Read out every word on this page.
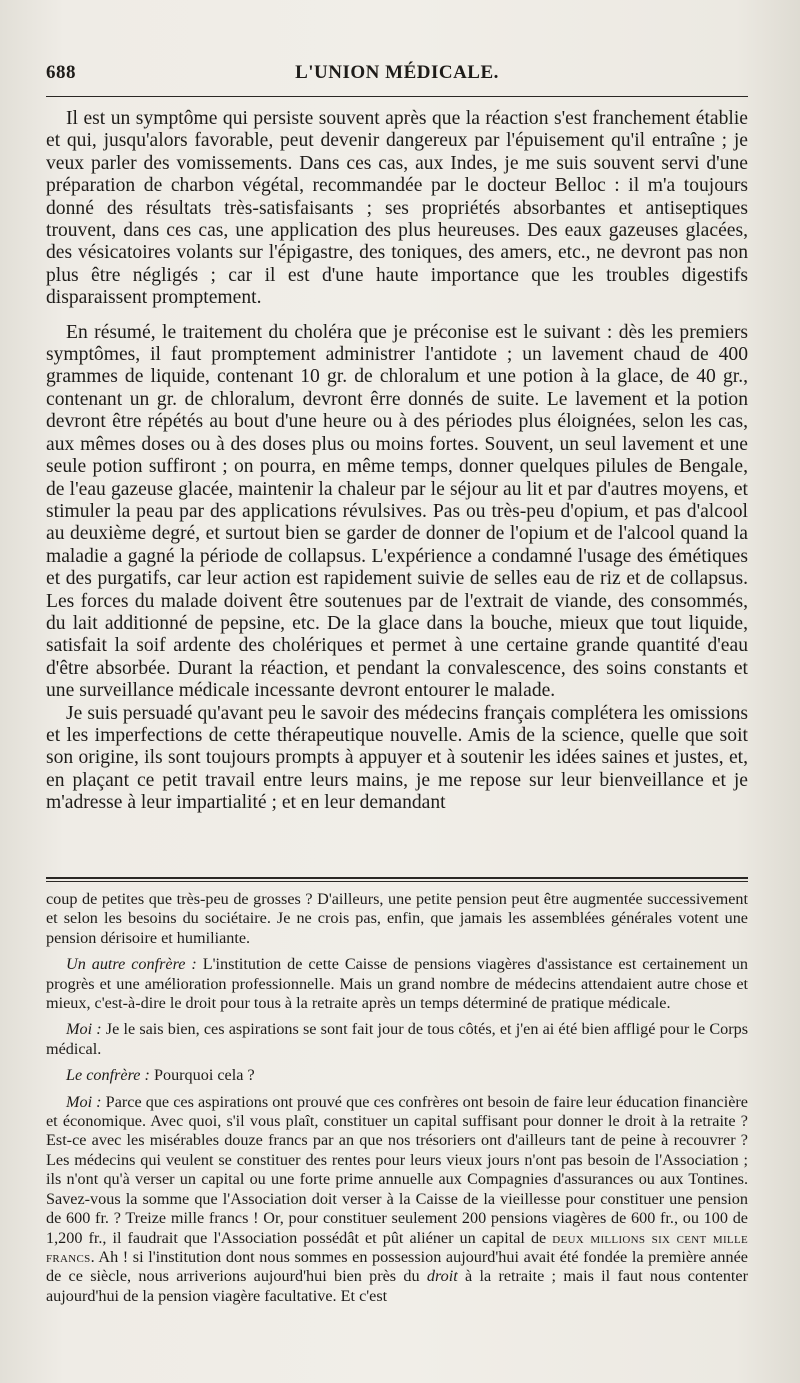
688	L'UNION MÉDICALE.

Il est un symptôme qui persiste souvent après que la réaction s'est franchement établie et qui, jusqu'alors favorable, peut devenir dangereux par l'épuisement qu'il entraîne ; je veux parler des vomissements. Dans ces cas, aux Indes, je me suis souvent servi d'une préparation de charbon végétal, recommandée par le docteur Belloc : il m'a toujours donné des résultats très-satisfaisants ; ses propriétés absorbantes et antiseptiques trouvent, dans ces cas, une application des plus heureuses. Des eaux gazeuses glacées, des vésicatoires volants sur l'épigastre, des toniques, des amers, etc., ne devront pas non plus être négligés ; car il est d'une haute importance que les troubles digestifs disparaissent promptement.

En résumé, le traitement du choléra que je préconise est le suivant : dès les premiers symptômes, il faut promptement administrer l'antidote ; un lavement chaud de 400 grammes de liquide, contenant 10 gr. de chloralum et une potion à la glace, de 40 gr., contenant un gr. de chloralum, devront êrre donnés de suite. Le lavement et la potion devront être répétés au bout d'une heure ou à des périodes plus éloignées, selon les cas, aux mêmes doses ou à des doses plus ou moins fortes. Souvent, un seul lavement et une seule potion suffiront ; on pourra, en même temps, donner quelques pilules de Bengale, de l'eau gazeuse glacée, maintenir la chaleur par le séjour au lit et par d'autres moyens, et stimuler la peau par des applications révulsives. Pas ou très-peu d'opium, et pas d'alcool au deuxième degré, et surtout bien se garder de donner de l'opium et de l'alcool quand la maladie a gagné la période de collapsus. L'expérience a condamné l'usage des émétiques et des purgatifs, car leur action est rapidement suivie de selles eau de riz et de collapsus. Les forces du malade doivent être soutenues par de l'extrait de viande, des consommés, du lait additionné de pepsine, etc. De la glace dans la bouche, mieux que tout liquide, satisfait la soif ardente des cholériques et permet à une certaine grande quantité d'eau d'être absorbée. Durant la réaction, et pendant la convalescence, des soins constants et une surveillance médicale incessante devront entourer le malade.

Je suis persuadé qu'avant peu le savoir des médecins français complétera les omissions et les imperfections de cette thérapeutique nouvelle. Amis de la science, quelle que soit son origine, ils sont toujours prompts à appuyer et à soutenir les idées saines et justes, et, en plaçant ce petit travail entre leurs mains, je me repose sur leur bienveillance et je m'adresse à leur impartialité ; et en leur demandant

coup de petites que très-peu de grosses ? D'ailleurs, une petite pension peut être augmentée successivement et selon les besoins du sociétaire. Je ne crois pas, enfin, que jamais les assemblées générales votent une pension dérisoire et humiliante.

Un autre confrère : L'institution de cette Caisse de pensions viagères d'assistance est certainement un progrès et une amélioration professionnelle. Mais un grand nombre de médecins attendaient autre chose et mieux, c'est-à-dire le droit pour tous à la retraite après un temps déterminé de pratique médicale.

Moi : Je le sais bien, ces aspirations se sont fait jour de tous côtés, et j'en ai été bien affligé pour le Corps médical.

Le confrère : Pourquoi cela ?

Moi : Parce que ces aspirations ont prouvé que ces confrères ont besoin de faire leur éducation financière et économique. Avec quoi, s'il vous plaît, constituer un capital suffisant pour donner le droit à la retraite ? Est-ce avec les misérables douze francs par an que nos trésoriers ont d'ailleurs tant de peine à recouvrer ? Les médecins qui veulent se constituer des rentes pour leurs vieux jours n'ont pas besoin de l'Association ; ils n'ont qu'à verser un capital ou une forte prime annuelle aux Compagnies d'assurances ou aux Tontines. Savez-vous la somme que l'Association doit verser à la Caisse de la vieillesse pour constituer une pension de 600 fr. ? Treize mille francs ! Or, pour constituer seulement 200 pensions viagères de 600 fr., ou 100 de 1,200 fr., il faudrait que l'Association possédât et pût aliéner un capital de deux millions six cent mille francs. Ah ! si l'institution dont nous sommes en possession aujourd'hui avait été fondée la première année de ce siècle, nous arriverions aujourd'hui bien près du droit à la retraite ; mais il faut nous contenter aujourd'hui de la pension viagère facultative. Et c'est
